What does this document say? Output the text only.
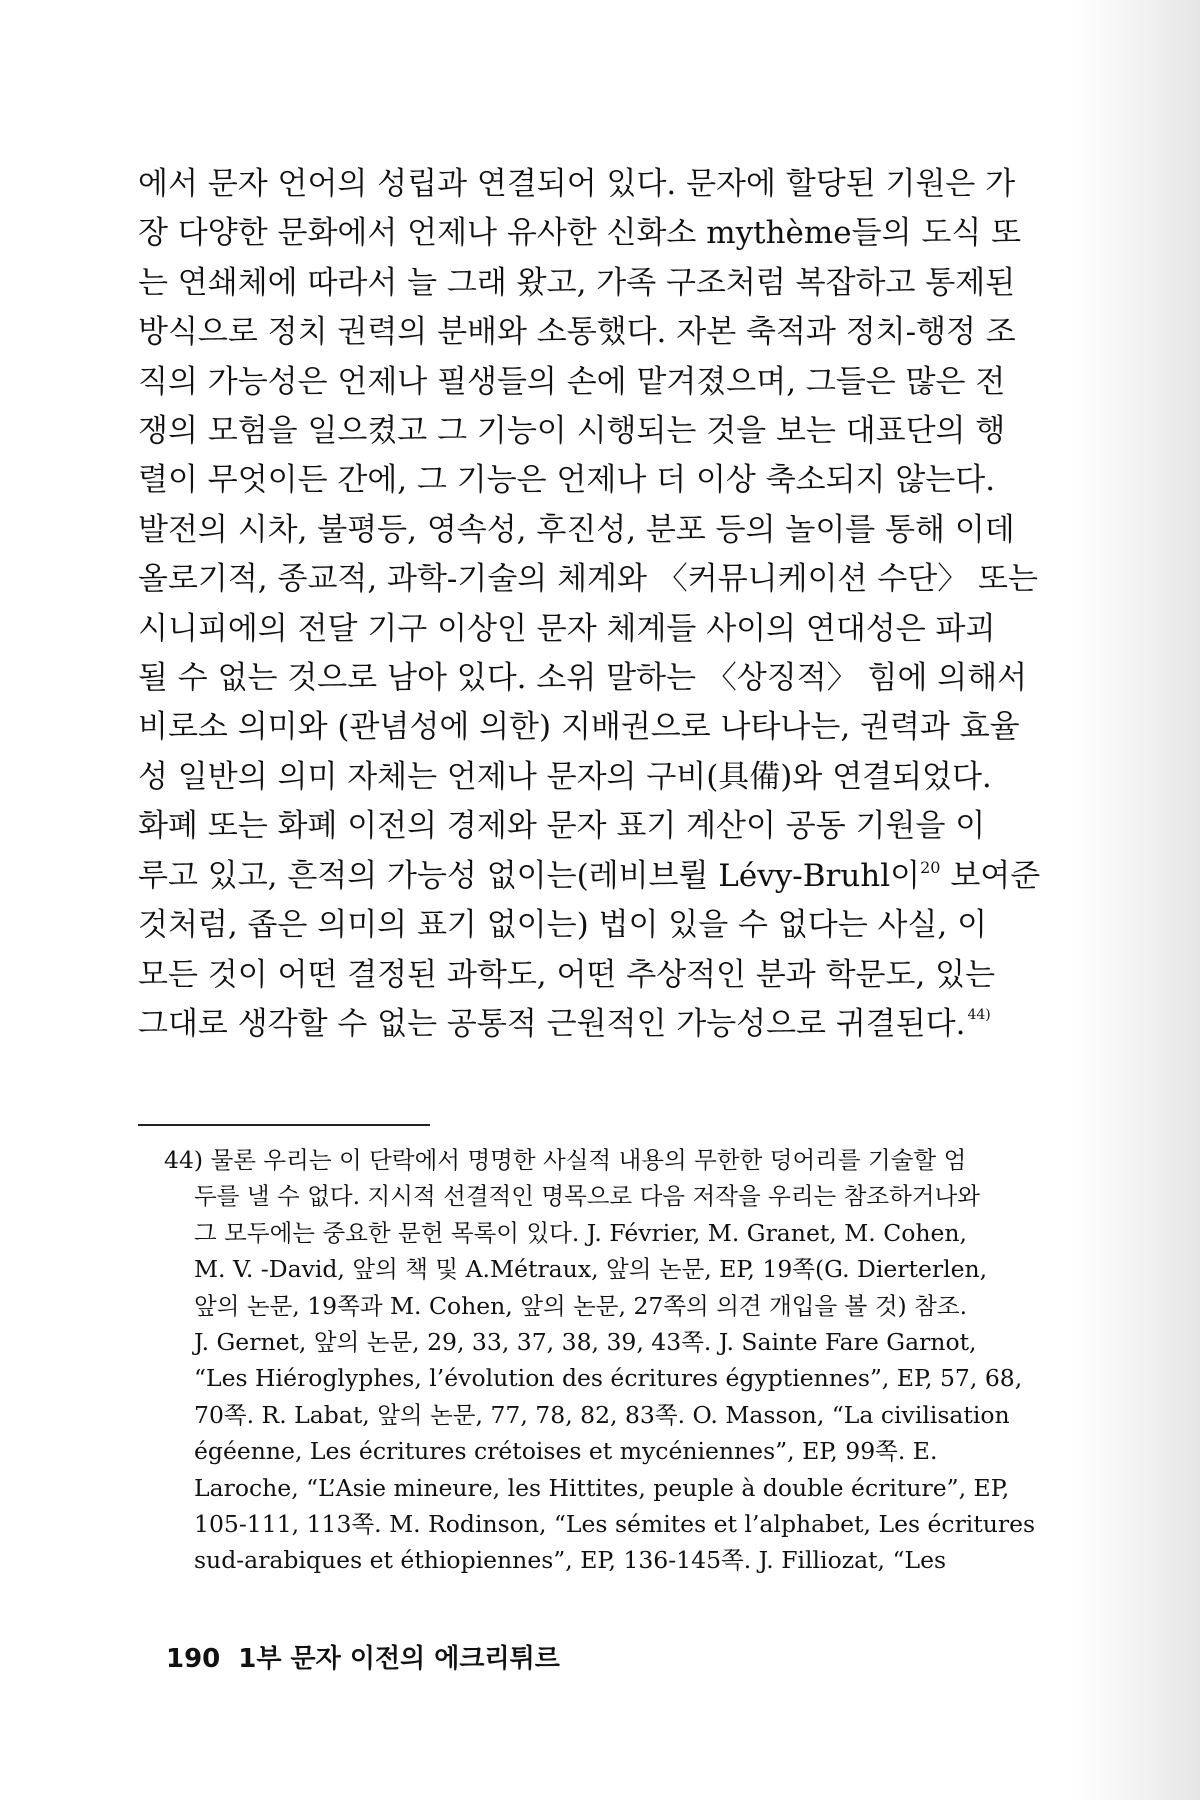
에서 문자 언어의 성립과 연결되어 있다. 문자에 할당된 기원은 가
장 다양한 문화에서 언제나 유사한 신화소 mythème들의 도식 또
는 연쇄체에 따라서 늘 그래 왔고, 가족 구조처럼 복잡하고 통제된
방식으로 정치 권력의 분배와 소통했다. 자본 축적과 정치-행정 조
직의 가능성은 언제나 필생들의 손에 맡겨졌으며, 그들은 많은 전
쟁의 모험을 일으켰고 그 기능이 시행되는 것을 보는 대표단의 행
렬이 무엇이든 간에, 그 기능은 언제나 더 이상 축소되지 않는다.
발전의 시차, 불평등, 영속성, 후진성, 분포 등의 놀이를 통해 이데
올로기적, 종교적, 과학-기술의 체계와 〈커뮤니케이션 수단〉 또는
시니피에의 전달 기구 이상인 문자 체계들 사이의 연대성은 파괴
될 수 없는 것으로 남아 있다. 소위 말하는 〈상징적〉 힘에 의해서
비로소 의미와 (관념성에 의한) 지배권으로 나타나는, 권력과 효율
성 일반의 의미 자체는 언제나 문자의 구비(具備)와 연결되었다.
화폐 또는 화폐 이전의 경제와 문자 표기 계산이 공동 기원을 이
루고 있고, 흔적의 가능성 없이는(레비브륄 Lévy-Bruhl이$^{20}$ 보여준
것처럼, 좁은 의미의 표기 없이는) 법이 있을 수 없다는 사실, 이
모든 것이 어떤 결정된 과학도, 어떤 추상적인 분과 학문도, 있는
그대로 생각할 수 없는 공통적 근원적인 가능성으로 귀결된다. $^{44)}$
44) 물론 우리는 이 단락에서 명명한 사실적 내용의 무한한 덩어리를 기술할 엄
두를 낼 수 없다. 지시적 선결적인 명목으로 다음 저작을 우리는 참조하거나와
그 모두에는 중요한 문헌 목록이 있다. J. Février, M. Granet, M. Cohen,
M. V. -David, 앞의 책 및 A.Métraux, 앞의 논문, EP, 19쪽(G. Dierterlen,
앞의 논문, 19쪽과 M. Cohen, 앞의 논문, 27쪽의 의견 개입을 볼 것) 참조.
J. Gernet, 앞의 논문, 29, 33, 37, 38, 39, 43쪽. J. Sainte Fare Garnot,
“Les Hiéroglyphes, l’évolution des écritures égyptiennes”, EP, 57, 68,
70쪽. R. Labat, 앞의 논문, 77, 78, 82, 83쪽. O. Masson, “La civilisation
égéenne, Les écritures crétoises et mycéniennes”, EP, 99쪽. E.
Laroche, “L’Asie mineure, les Hittites, peuple à double écriture”, EP,
105-111, 113쪽. M. Rodinson, “Les sémites et l’alphabet, Les écritures
sud-arabiques et éthiopiennes”, EP, 136-145쪽. J. Filliozat, “Les
190 1부 문자 이전의 에크리튀르
